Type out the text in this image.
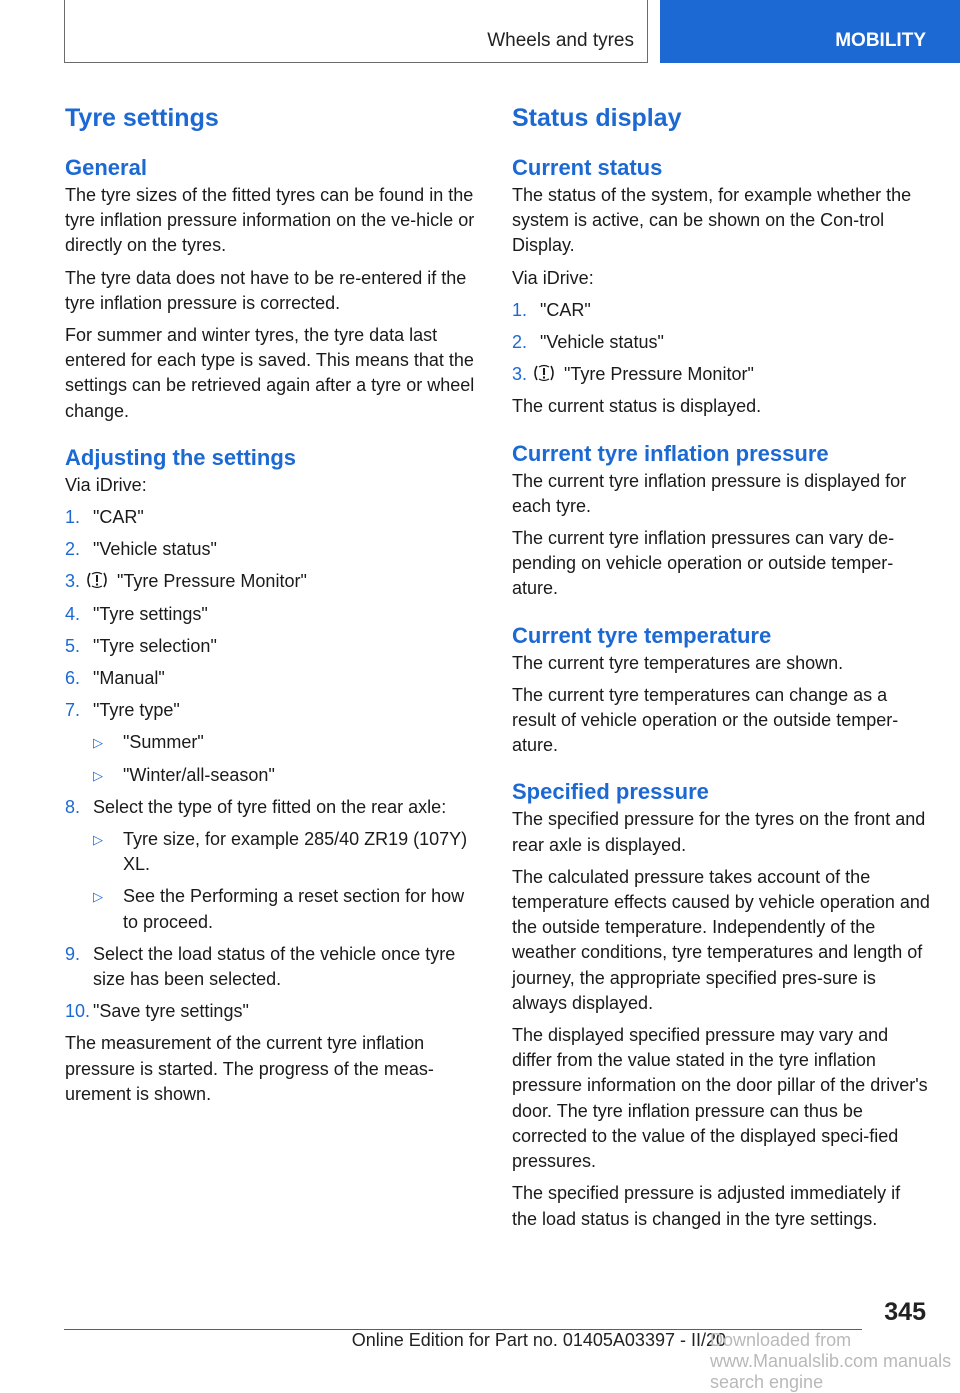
Wheels and tyres	MOBILITY
Tyre settings
General

The tyre sizes of the fitted tyres can be found in the tyre inflation pressure information on the ve‐hicle or directly on the tyres.

The tyre data does not have to be re-entered if the tyre inflation pressure is corrected.

For summer and winter tyres, the tyre data last entered for each type is saved. This means that the settings can be retrieved again after a tyre or wheel change.

Adjusting the settings

Via iDrive:

1. "CAR"
2. "Vehicle status"
3. "Tyre Pressure Monitor"
4. "Tyre settings"
5. "Tyre selection"
6. "Manual"
7. "Tyre type"
▷ "Summer"
▷ "Winter/all-season"
8. Select the type of tyre fitted on the rear axle:
▷ Tyre size, for example 285/40 ZR19 (107Y) XL.
▷ See the Performing a reset section for how to proceed.
9. Select the load status of the vehicle once tyre size has been selected.
10. "Save tyre settings"

The measurement of the current tyre inflation pressure is started. The progress of the meas‐urement is shown.

Status display
Current status

The status of the system, for example whether the system is active, can be shown on the Con‐trol Display.

Via iDrive:

1. "CAR"
2. "Vehicle status"
3. "Tyre Pressure Monitor"

The current status is displayed.

Current tyre inflation pressure

The current tyre inflation pressure is displayed for each tyre.

The current tyre inflation pressures can vary de‐pending on vehicle operation or outside temper‐ature.

Current tyre temperature

The current tyre temperatures are shown.

The current tyre temperatures can change as a result of vehicle operation or the outside temper‐ature.

Specified pressure

The specified pressure for the tyres on the front and rear axle is displayed.

The calculated pressure takes account of the temperature effects caused by vehicle operation and the outside temperature. Independently of the weather conditions, tyre temperatures and length of journey, the appropriate specified pres‐sure is always displayed.

The displayed specified pressure may vary and differ from the value stated in the tyre inflation pressure information on the door pillar of the driver's door. The tyre inflation pressure can thus be corrected to the value of the displayed speci‐fied pressures.

The specified pressure is adjusted immediately if the load status is changed in the tyre settings.

345
Online Edition for Part no. 01405A03397 - II/20
Downloaded from www.Manualslib.com manuals search engine
